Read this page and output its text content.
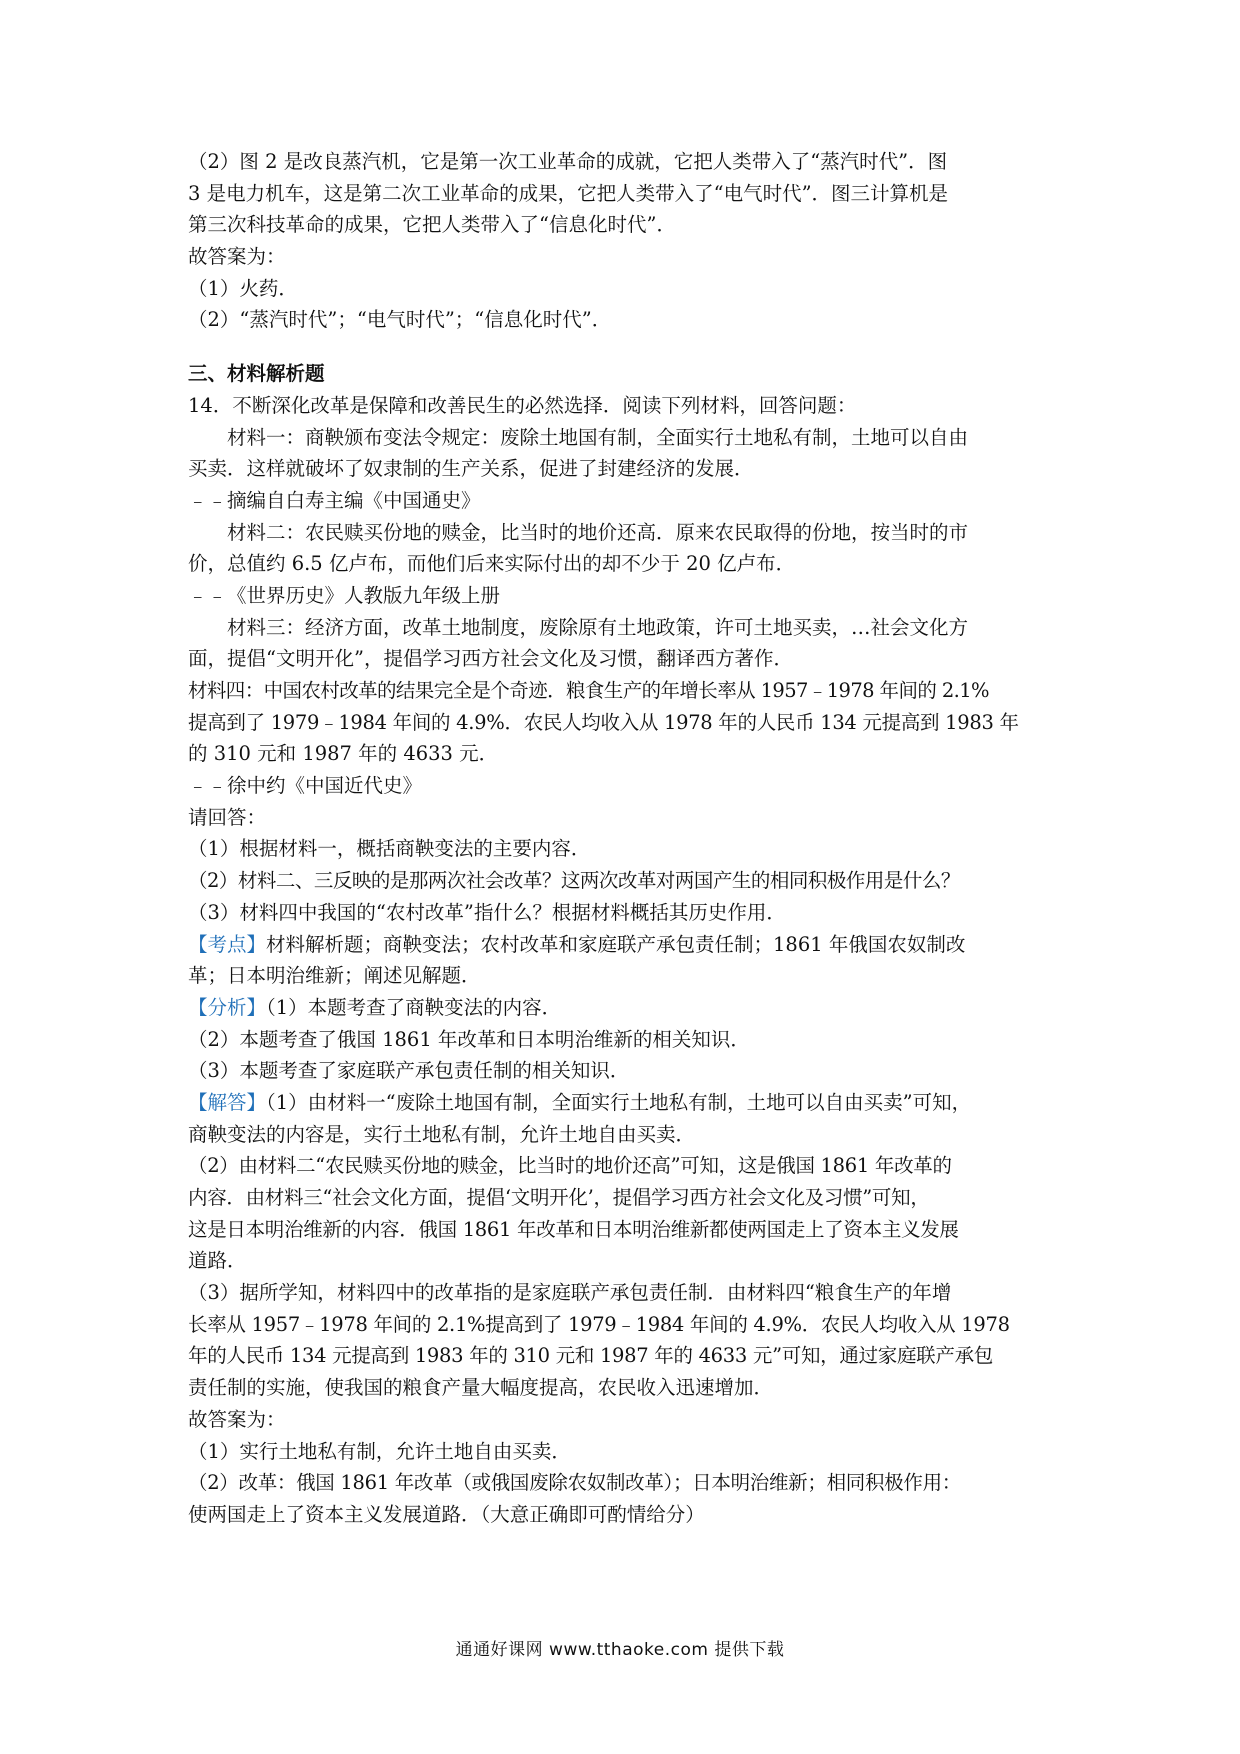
（2）图 2 是改良蒸汽机，它是第一次工业革命的成就，它把人类带入了“蒸汽时代”．图
3 是电力机车，这是第二次工业革命的成果，它把人类带入了“电气时代”．图三计算机是
第三次科技革命的成果，它把人类带入了“信息化时代”．
故答案为：
（1）火药．
（2）“蒸汽时代”；“电气时代”；“信息化时代”．
三、材料解析题
14．不断深化改革是保障和改善民生的必然选择．阅读下列材料，回答问题：
材料一：商鞅颁布变法令规定：废除土地国有制，全面实行土地私有制，土地可以自由
买卖．这样就破坏了奴隶制的生产关系，促进了封建经济的发展．
﹣﹣摘编自白寿主编《中国通史》
材料二：农民赎买份地的赎金，比当时的地价还高．原来农民取得的份地，按当时的市
价，总值约 6.5 亿卢布，而他们后来实际付出的却不少于 20 亿卢布．
﹣﹣《世界历史》人教版九年级上册
材料三：经济方面，改革土地制度，废除原有土地政策，许可土地买卖，…社会文化方
面，提倡“文明开化”，提倡学习西方社会文化及习惯，翻译西方著作．
材料四：中国农村改革的结果完全是个奇迹．粮食生产的年增长率从 1957﹣1978 年间的 2.1%
提高到了 1979﹣1984 年间的 4.9%．农民人均收入从 1978 年的人民币 134 元提高到 1983 年
的 310 元和 1987 年的 4633 元．
﹣﹣徐中约《中国近代史》
请回答：
（1）根据材料一，概括商鞅变法的主要内容．
（2）材料二、三反映的是那两次社会改革？这两次改革对两国产生的相同积极作用是什么？
（3）材料四中我国的“农村改革”指什么？根据材料概括其历史作用．
【考点】材料解析题；商鞅变法；农村改革和家庭联产承包责任制；1861 年俄国农奴制改
革；日本明治维新；阐述见解题．
【分析】（1）本题考查了商鞅变法的内容．
（2）本题考查了俄国 1861 年改革和日本明治维新的相关知识．
（3）本题考查了家庭联产承包责任制的相关知识．
【解答】（1）由材料一“废除土地国有制，全面实行土地私有制，土地可以自由买卖”可知，
商鞅变法的内容是，实行土地私有制，允许土地自由买卖．
（2）由材料二“农民赎买份地的赎金，比当时的地价还高”可知，这是俄国 1861 年改革的
内容．由材料三“社会文化方面，提倡‘文明开化’，提倡学习西方社会文化及习惯”可知，
这是日本明治维新的内容．俄国 1861 年改革和日本明治维新都使两国走上了资本主义发展
道路．
（3）据所学知，材料四中的改革指的是家庭联产承包责任制．由材料四“粮食生产的年增
长率从 1957﹣1978 年间的 2.1%提高到了 1979﹣1984 年间的 4.9%．农民人均收入从 1978
年的人民币 134 元提高到 1983 年的 310 元和 1987 年的 4633 元”可知，通过家庭联产承包
责任制的实施，使我国的粮食产量大幅度提高，农民收入迅速增加．
故答案为：
（1）实行土地私有制，允许土地自由买卖．
（2）改革：俄国 1861 年改革（或俄国废除农奴制改革）；日本明治维新；相同积极作用：
使两国走上了资本主义发展道路．（大意正确即可酌情给分）
通通好课网 www.tthaoke.com 提供下载
